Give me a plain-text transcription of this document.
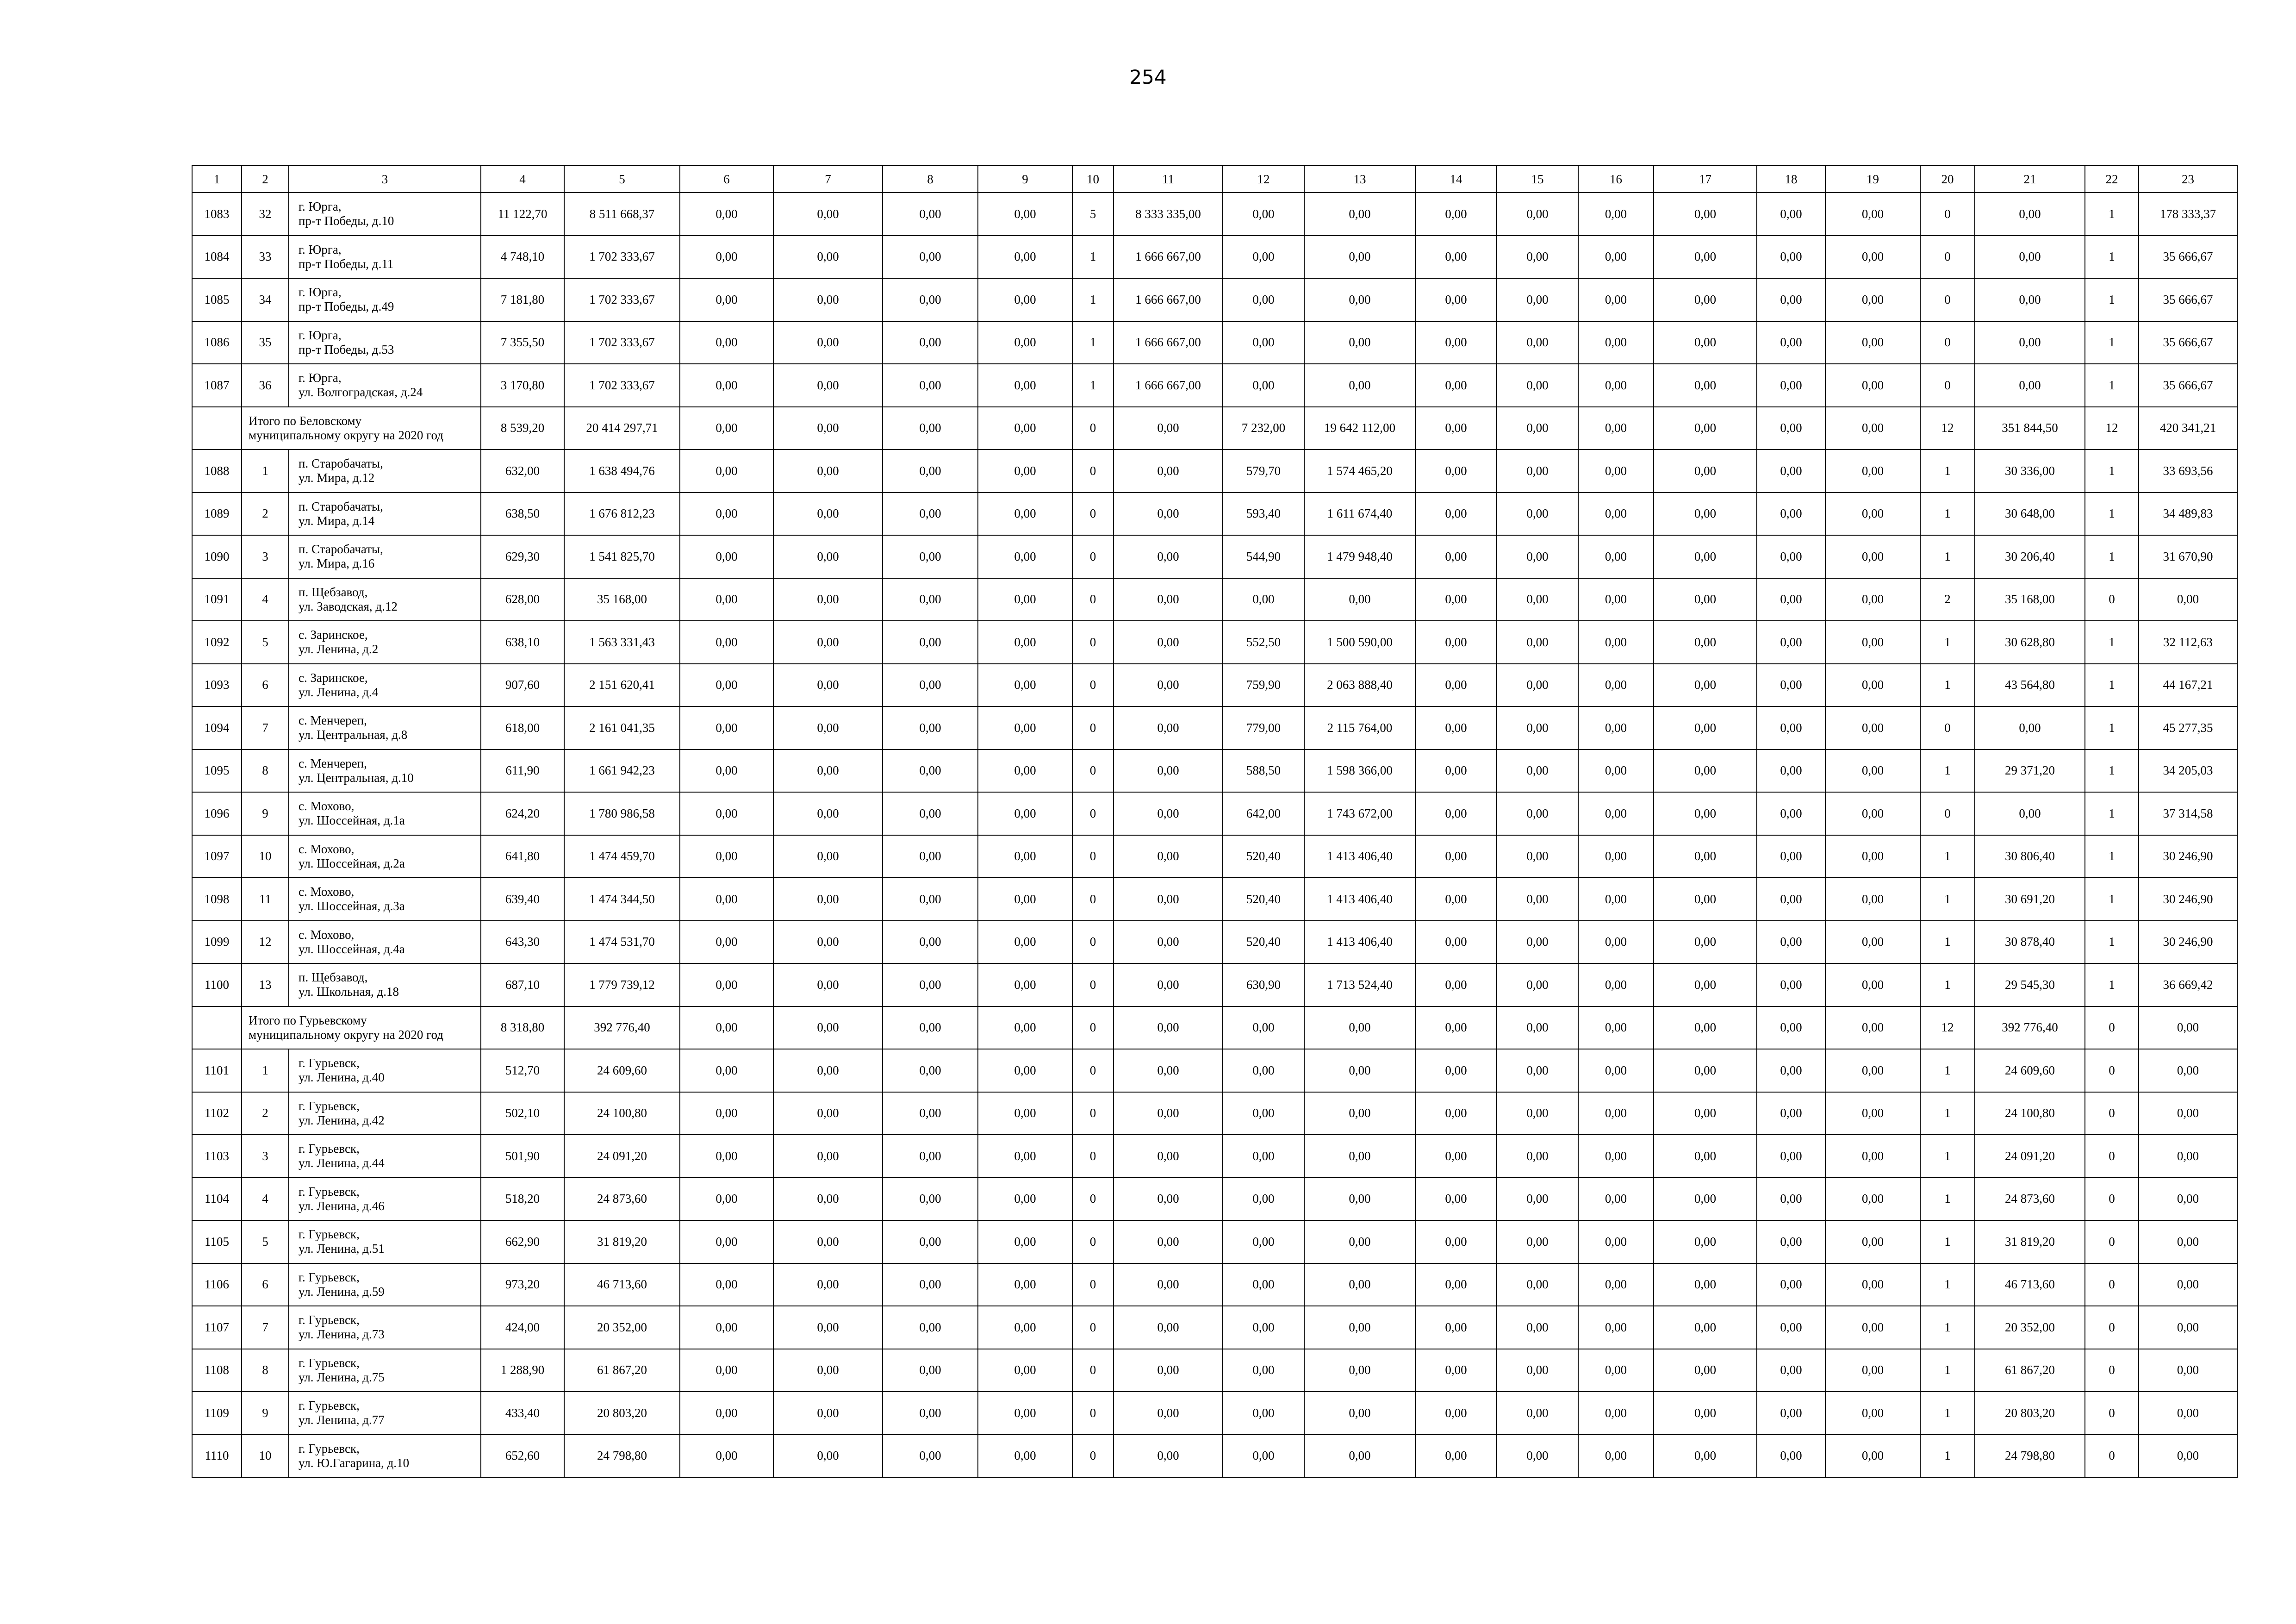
254
1	2	3	4	5	6	7	8	9	10	11	12	13	14	15	16	17	18	19	20	21	22	23
1083	32	г. Юрга,
пр-т Победы, д.10	11 122,70	8 511 668,37	0,00	0,00	0,00	0,00	5	8 333 335,00	0,00	0,00	0,00	0,00	0,00	0,00	0,00	0,00	0	0,00	1	178 333,37
1084	33	г. Юрга,
пр-т Победы, д.11	4 748,10	1 702 333,67	0,00	0,00	0,00	0,00	1	1 666 667,00	0,00	0,00	0,00	0,00	0,00	0,00	0,00	0,00	0	0,00	1	35 666,67
1085	34	г. Юрга,
пр-т Победы, д.49	7 181,80	1 702 333,67	0,00	0,00	0,00	0,00	1	1 666 667,00	0,00	0,00	0,00	0,00	0,00	0,00	0,00	0,00	0	0,00	1	35 666,67
1086	35	г. Юрга,
пр-т Победы, д.53	7 355,50	1 702 333,67	0,00	0,00	0,00	0,00	1	1 666 667,00	0,00	0,00	0,00	0,00	0,00	0,00	0,00	0,00	0	0,00	1	35 666,67
1087	36	г. Юрга,
ул. Волгоградская, д.24	3 170,80	1 702 333,67	0,00	0,00	0,00	0,00	1	1 666 667,00	0,00	0,00	0,00	0,00	0,00	0,00	0,00	0,00	0	0,00	1	35 666,67
	Итого по Беловскому
муниципальному округу на 2020 год		8 539,20	20 414 297,71	0,00	0,00	0,00	0,00	0	0,00	7 232,00	19 642 112,00	0,00	0,00	0,00	0,00	0,00	0,00	12	351 844,50	12	420 341,21
1088	1	п. Старобачаты,
ул. Мира, д.12	632,00	1 638 494,76	0,00	0,00	0,00	0,00	0	0,00	579,70	1 574 465,20	0,00	0,00	0,00	0,00	0,00	0,00	1	30 336,00	1	33 693,56
1089	2	п. Старобачаты,
ул. Мира, д.14	638,50	1 676 812,23	0,00	0,00	0,00	0,00	0	0,00	593,40	1 611 674,40	0,00	0,00	0,00	0,00	0,00	0,00	1	30 648,00	1	34 489,83
1090	3	п. Старобачаты,
ул. Мира, д.16	629,30	1 541 825,70	0,00	0,00	0,00	0,00	0	0,00	544,90	1 479 948,40	0,00	0,00	0,00	0,00	0,00	0,00	1	30 206,40	1	31 670,90
1091	4	п. Щебзавод,
ул. Заводская, д.12	628,00	35 168,00	0,00	0,00	0,00	0,00	0	0,00	0,00	0,00	0,00	0,00	0,00	0,00	0,00	0,00	2	35 168,00	0	0,00
1092	5	с. Заринское,
ул. Ленина, д.2	638,10	1 563 331,43	0,00	0,00	0,00	0,00	0	0,00	552,50	1 500 590,00	0,00	0,00	0,00	0,00	0,00	0,00	1	30 628,80	1	32 112,63
1093	6	с. Заринское,
ул. Ленина, д.4	907,60	2 151 620,41	0,00	0,00	0,00	0,00	0	0,00	759,90	2 063 888,40	0,00	0,00	0,00	0,00	0,00	0,00	1	43 564,80	1	44 167,21
1094	7	с. Менчереп,
ул. Центральная, д.8	618,00	2 161 041,35	0,00	0,00	0,00	0,00	0	0,00	779,00	2 115 764,00	0,00	0,00	0,00	0,00	0,00	0,00	0	0,00	1	45 277,35
1095	8	с. Менчереп,
ул. Центральная, д.10	611,90	1 661 942,23	0,00	0,00	0,00	0,00	0	0,00	588,50	1 598 366,00	0,00	0,00	0,00	0,00	0,00	0,00	1	29 371,20	1	34 205,03
1096	9	с. Мохово,
ул. Шоссейная, д.1а	624,20	1 780 986,58	0,00	0,00	0,00	0,00	0	0,00	642,00	1 743 672,00	0,00	0,00	0,00	0,00	0,00	0,00	0	0,00	1	37 314,58
1097	10	с. Мохово,
ул. Шоссейная, д.2а	641,80	1 474 459,70	0,00	0,00	0,00	0,00	0	0,00	520,40	1 413 406,40	0,00	0,00	0,00	0,00	0,00	0,00	1	30 806,40	1	30 246,90
1098	11	с. Мохово,
ул. Шоссейная, д.3а	639,40	1 474 344,50	0,00	0,00	0,00	0,00	0	0,00	520,40	1 413 406,40	0,00	0,00	0,00	0,00	0,00	0,00	1	30 691,20	1	30 246,90
1099	12	с. Мохово,
ул. Шоссейная, д.4а	643,30	1 474 531,70	0,00	0,00	0,00	0,00	0	0,00	520,40	1 413 406,40	0,00	0,00	0,00	0,00	0,00	0,00	1	30 878,40	1	30 246,90
1100	13	п. Щебзавод,
ул. Школьная, д.18	687,10	1 779 739,12	0,00	0,00	0,00	0,00	0	0,00	630,90	1 713 524,40	0,00	0,00	0,00	0,00	0,00	0,00	1	29 545,30	1	36 669,42
	Итого по Гурьевскому
муниципальному округу на 2020 год		8 318,80	392 776,40	0,00	0,00	0,00	0,00	0	0,00	0,00	0,00	0,00	0,00	0,00	0,00	0,00	0,00	12	392 776,40	0	0,00
1101	1	г. Гурьевск,
ул. Ленина, д.40	512,70	24 609,60	0,00	0,00	0,00	0,00	0	0,00	0,00	0,00	0,00	0,00	0,00	0,00	0,00	0,00	1	24 609,60	0	0,00
1102	2	г. Гурьевск,
ул. Ленина, д.42	502,10	24 100,80	0,00	0,00	0,00	0,00	0	0,00	0,00	0,00	0,00	0,00	0,00	0,00	0,00	0,00	1	24 100,80	0	0,00
1103	3	г. Гурьевск,
ул. Ленина, д.44	501,90	24 091,20	0,00	0,00	0,00	0,00	0	0,00	0,00	0,00	0,00	0,00	0,00	0,00	0,00	0,00	1	24 091,20	0	0,00
1104	4	г. Гурьевск,
ул. Ленина, д.46	518,20	24 873,60	0,00	0,00	0,00	0,00	0	0,00	0,00	0,00	0,00	0,00	0,00	0,00	0,00	0,00	1	24 873,60	0	0,00
1105	5	г. Гурьевск,
ул. Ленина, д.51	662,90	31 819,20	0,00	0,00	0,00	0,00	0	0,00	0,00	0,00	0,00	0,00	0,00	0,00	0,00	0,00	1	31 819,20	0	0,00
1106	6	г. Гурьевск,
ул. Ленина, д.59	973,20	46 713,60	0,00	0,00	0,00	0,00	0	0,00	0,00	0,00	0,00	0,00	0,00	0,00	0,00	0,00	1	46 713,60	0	0,00
1107	7	г. Гурьевск,
ул. Ленина, д.73	424,00	20 352,00	0,00	0,00	0,00	0,00	0	0,00	0,00	0,00	0,00	0,00	0,00	0,00	0,00	0,00	1	20 352,00	0	0,00
1108	8	г. Гурьевск,
ул. Ленина, д.75	1 288,90	61 867,20	0,00	0,00	0,00	0,00	0	0,00	0,00	0,00	0,00	0,00	0,00	0,00	0,00	0,00	1	61 867,20	0	0,00
1109	9	г. Гурьевск,
ул. Ленина, д.77	433,40	20 803,20	0,00	0,00	0,00	0,00	0	0,00	0,00	0,00	0,00	0,00	0,00	0,00	0,00	0,00	1	20 803,20	0	0,00
1110	10	г. Гурьевск,
ул. Ю.Гагарина, д.10	652,60	24 798,80	0,00	0,00	0,00	0,00	0	0,00	0,00	0,00	0,00	0,00	0,00	0,00	0,00	0,00	1	24 798,80	0	0,00
